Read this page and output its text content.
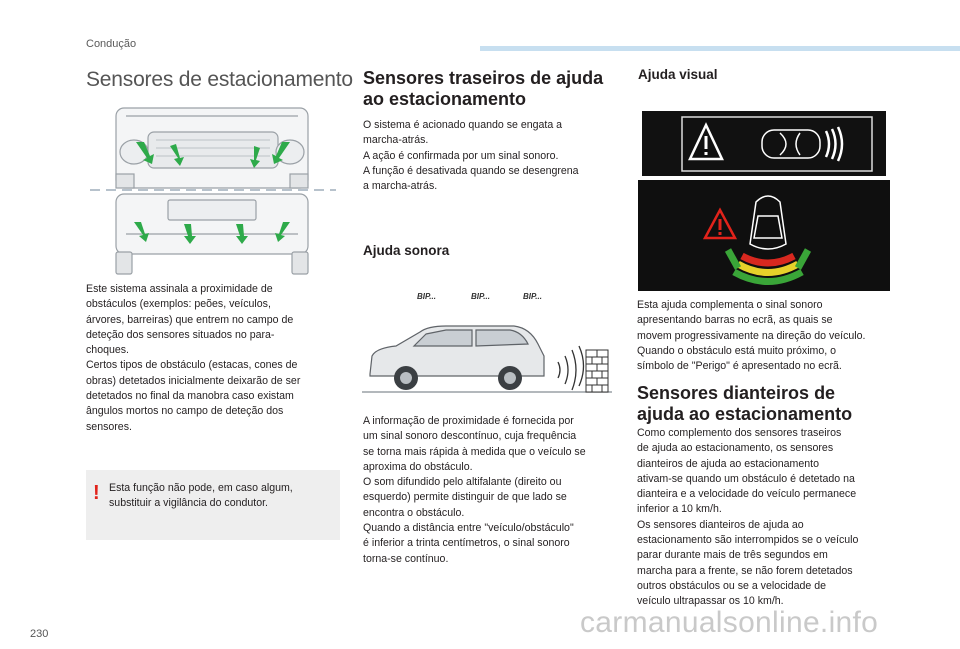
Condução
Sensores de estacionamento
Este sistema assinala a proximidade de
obstáculos (exemplos: peões, veículos,
árvores, barreiras) que entrem no campo de
deteção dos sensores situados no para-
choques.
Certos tipos de obstáculo (estacas, cones de
obras) detetados inicialmente deixarão de ser
detetados no final da manobra caso existam
ângulos mortos no campo de deteção dos
sensores.
! Esta função não pode, em caso algum,
substituir a vigilância do condutor.
Sensores traseiros de ajuda
ao estacionamento
O sistema é acionado quando se engata a
marcha-atrás.
A ação é confirmada por um sinal sonoro.
A função é desativada quando se desengrena
a marcha-atrás.
Ajuda sonora
BIP...	BIP...	BIP...
A informação de proximidade é fornecida por
um sinal sonoro descontínuo, cuja frequência
se torna mais rápida à medida que o veículo se
aproxima do obstáculo.
O som difundido pelo altifalante (direito ou
esquerdo) permite distinguir de que lado se
encontra o obstáculo.
Quando a distância entre "veículo/obstáculo"
é inferior a trinta centímetros, o sinal sonoro
torna-se contínuo.
Ajuda visual
Esta ajuda complementa o sinal sonoro
apresentando barras no ecrã, as quais se
movem progressivamente na direção do veículo.
Quando o obstáculo está muito próximo, o
símbolo de "Perigo" é apresentado no ecrã.
Sensores dianteiros de
ajuda ao estacionamento
Como complemento dos sensores traseiros
de ajuda ao estacionamento, os sensores
dianteiros de ajuda ao estacionamento
ativam-se quando um obstáculo é detetado na
dianteira e a velocidade do veículo permanece
inferior a 10 km/h.
Os sensores dianteiros de ajuda ao
estacionamento são interrompidos se o veículo
parar durante mais de três segundos em
marcha para a frente, se não forem detetados
outros obstáculos ou se a velocidade de
veículo ultrapassar os 10 km/h.
230	carmanualsonline.info
